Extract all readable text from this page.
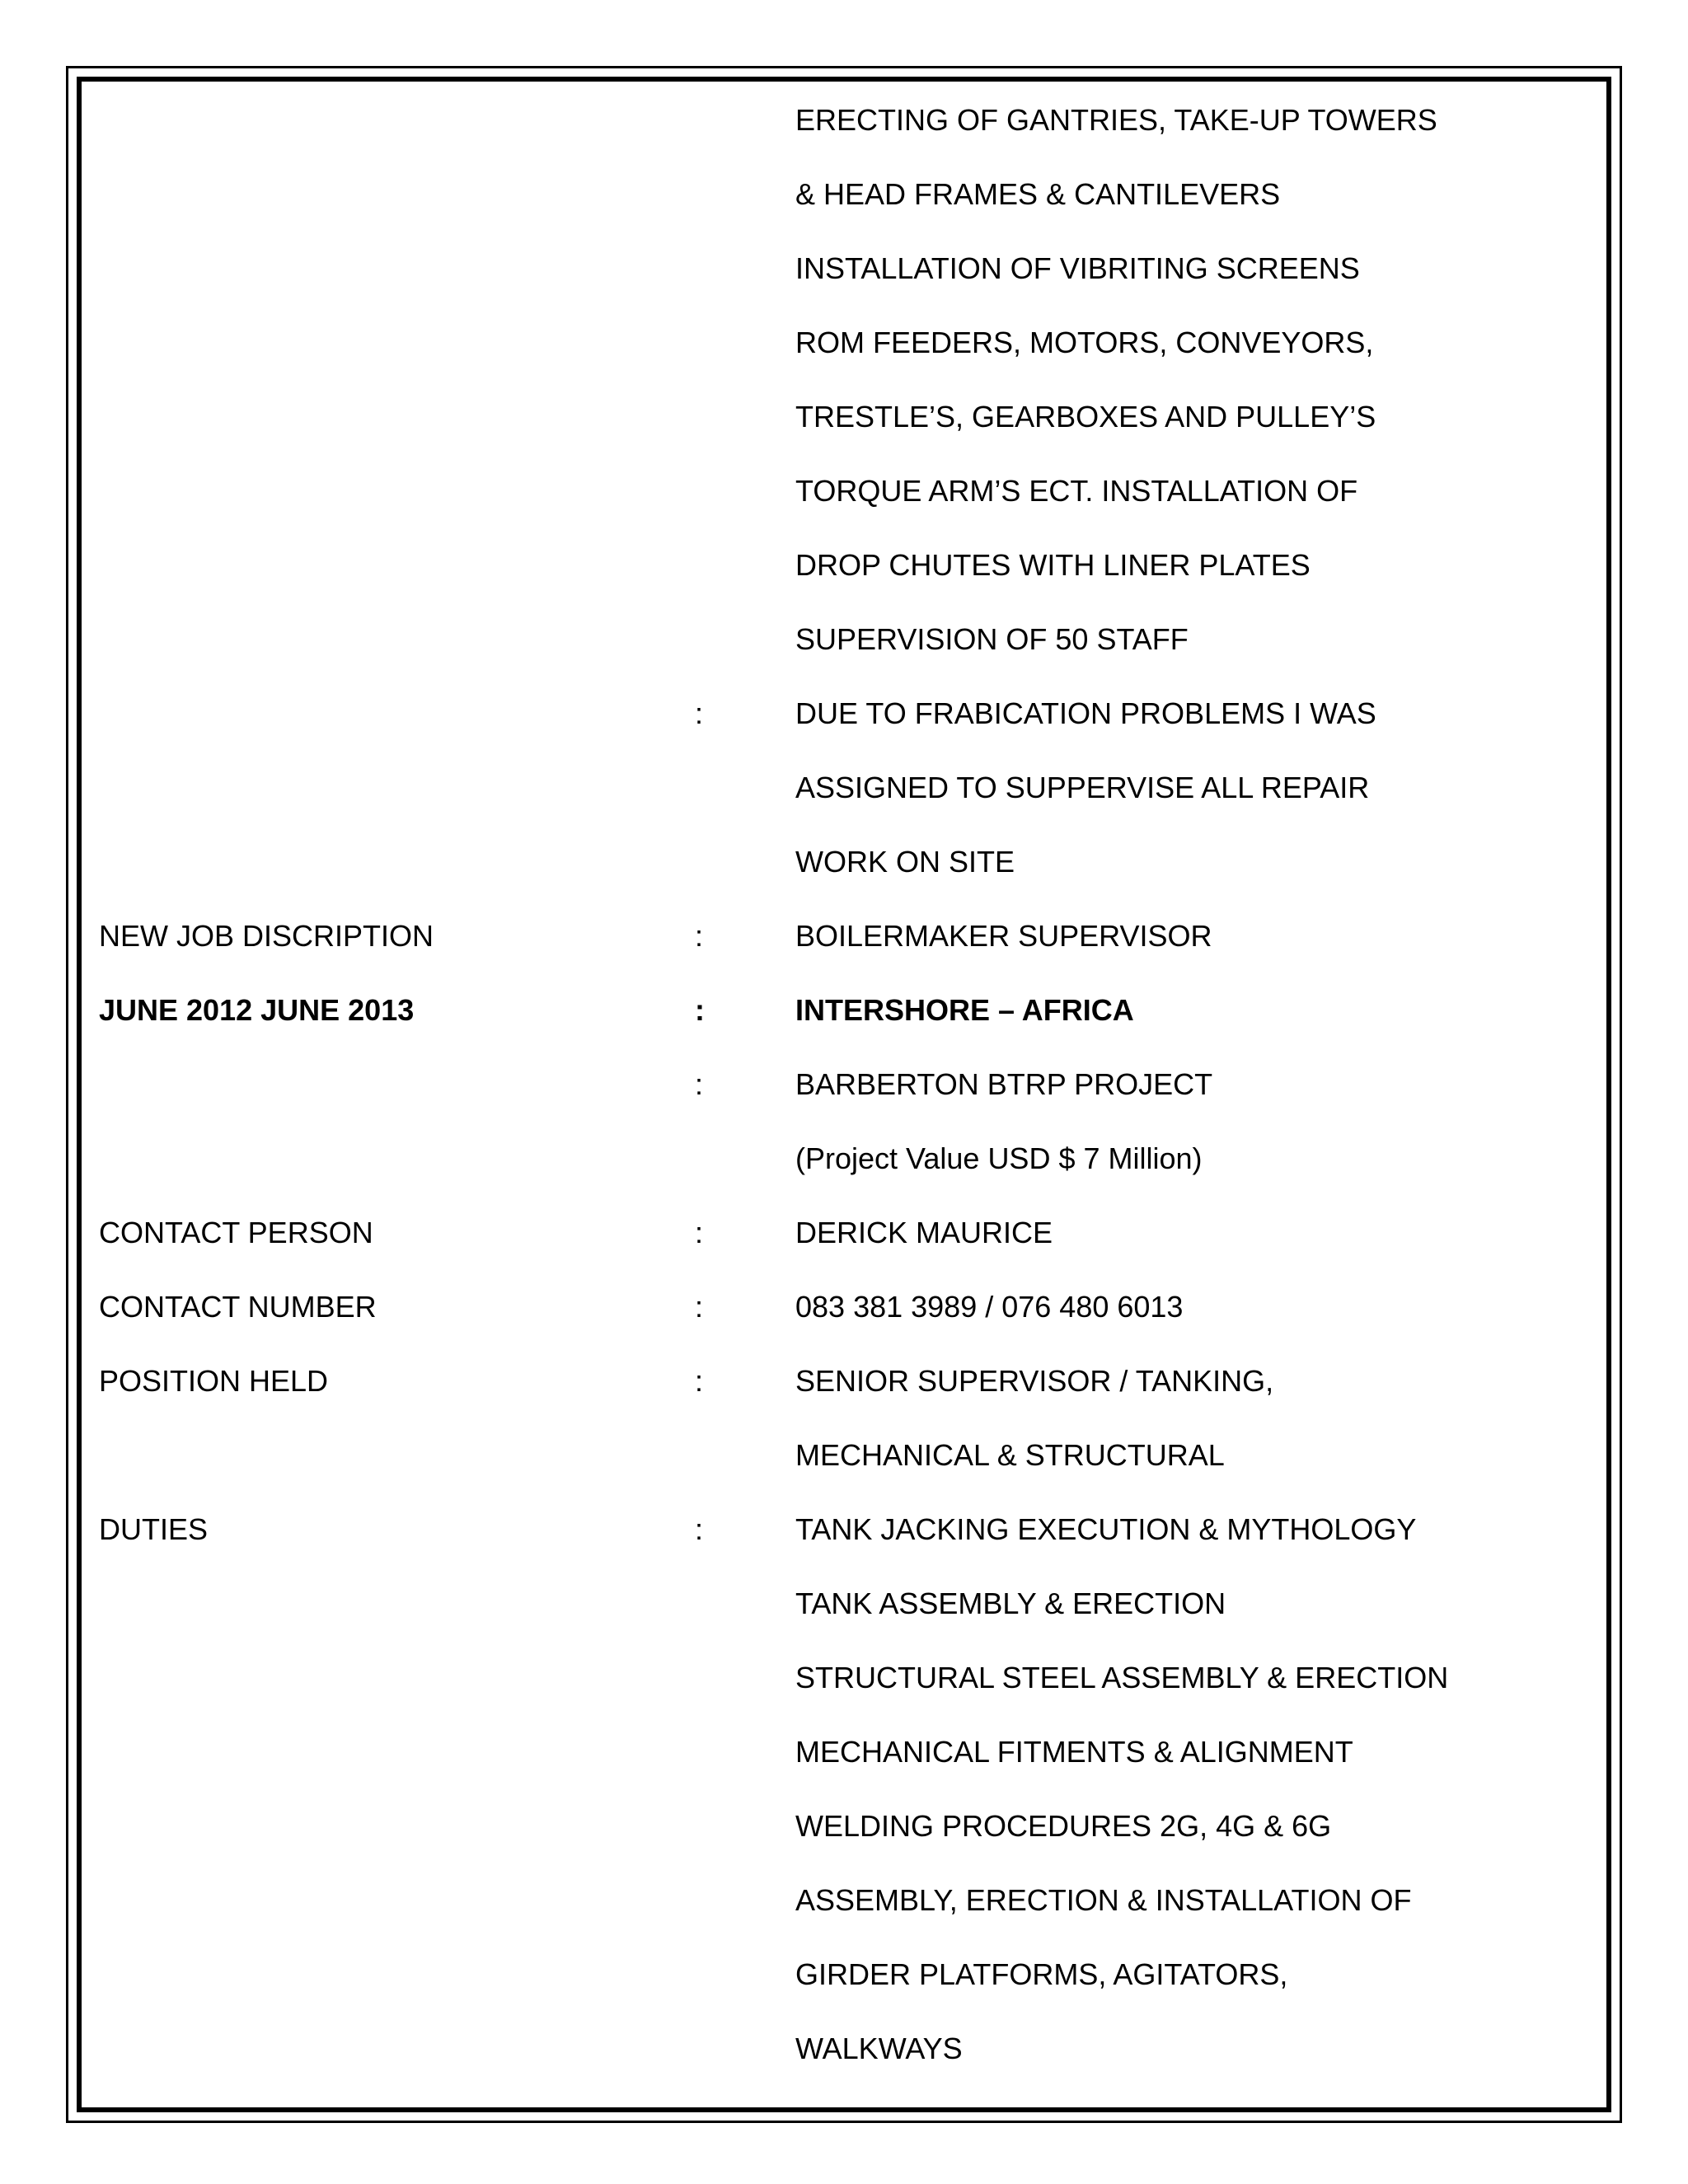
ERECTING OF GANTRIES, TAKE-UP TOWERS
& HEAD FRAMES & CANTILEVERS
INSTALLATION OF VIBRITING SCREENS
ROM FEEDERS, MOTORS, CONVEYORS,
TRESTLE’S, GEARBOXES AND PULLEY’S
TORQUE ARM’S ECT. INSTALLATION OF
DROP CHUTES WITH LINER PLATES
SUPERVISION OF 50 STAFF
:	DUE TO FRABICATION PROBLEMS I WAS
ASSIGNED TO SUPPERVISE ALL REPAIR
WORK ON SITE
NEW JOB DISCRIPTION	:	BOILERMAKER SUPERVISOR
JUNE 2012 JUNE 2013	:	INTERSHORE – AFRICA
:	BARBERTON BTRP PROJECT
(Project Value USD $ 7 Million)
CONTACT PERSON	:	DERICK MAURICE
CONTACT NUMBER	:	083 381 3989 / 076 480 6013
POSITION HELD	:	SENIOR SUPERVISOR / TANKING,
MECHANICAL & STRUCTURAL
DUTIES	:	TANK JACKING EXECUTION & MYTHOLOGY
TANK ASSEMBLY & ERECTION
STRUCTURAL STEEL ASSEMBLY & ERECTION
MECHANICAL FITMENTS & ALIGNMENT
WELDING PROCEDURES 2G, 4G & 6G
ASSEMBLY, ERECTION & INSTALLATION OF
GIRDER PLATFORMS, AGITATORS,
WALKWAYS
